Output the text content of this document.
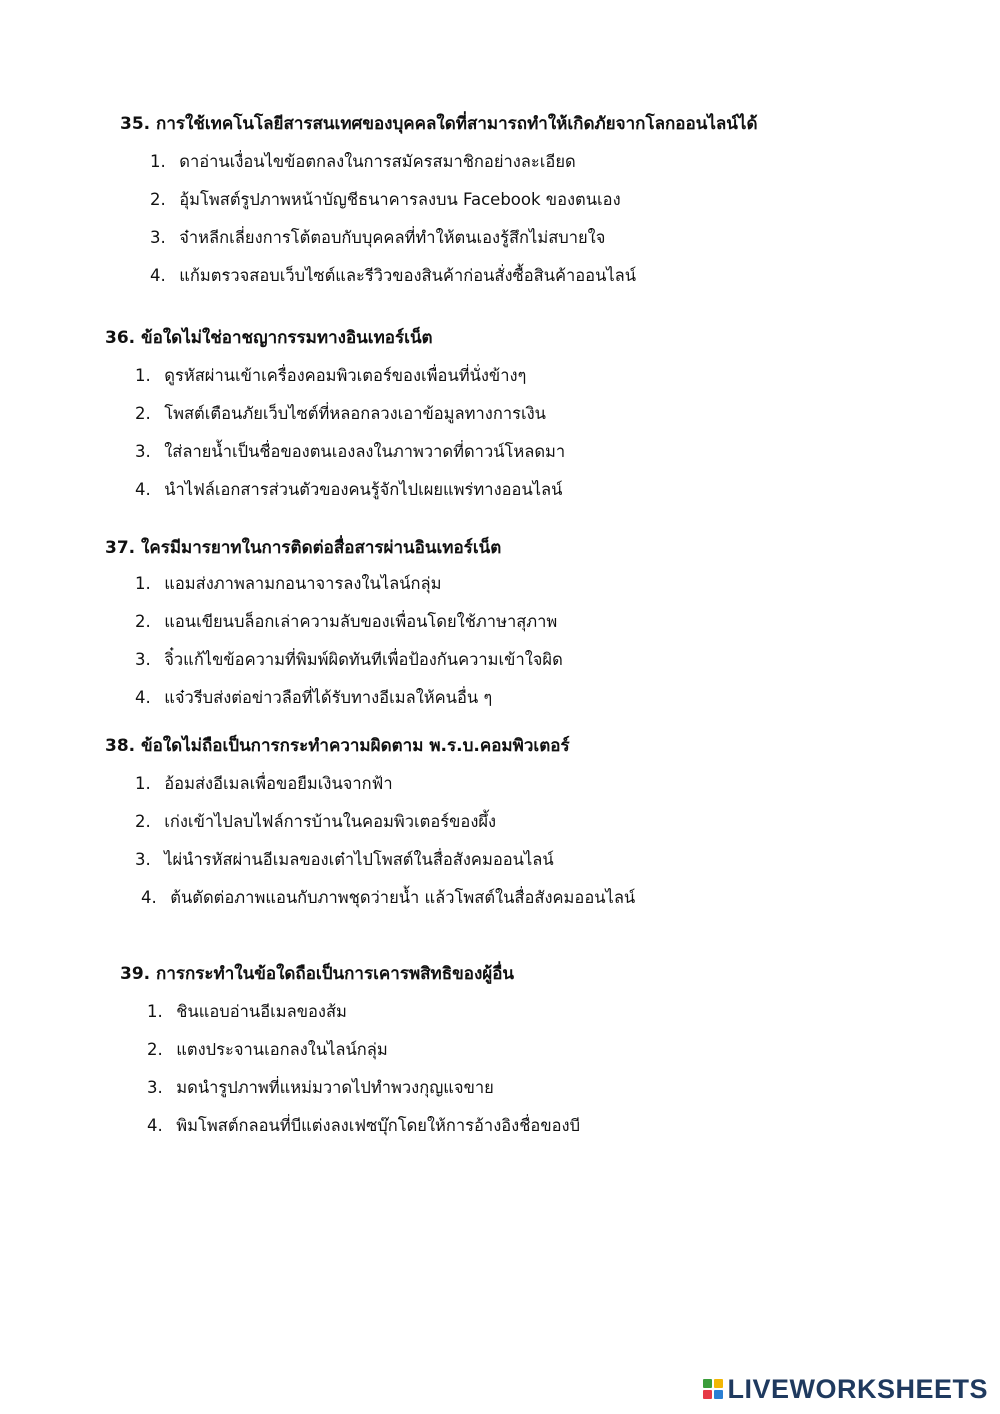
35. การใช้เทคโนโลยีสารสนเทศของบุคคลใดที่สามารถทำให้เกิดภัยจากโลกออนไลน์ได้
1. ดาอ่านเงื่อนไขข้อตกลงในการสมัครสมาชิกอย่างละเอียด
2. อุ้มโพสต์รูปภาพหน้าบัญชีธนาคารลงบน Facebook ของตนเอง
3. จ๋าหลีกเลี่ยงการโต้ตอบกับบุคคลที่ทำให้ตนเองรู้สึกไม่สบายใจ
4. แก้มตรวจสอบเว็บไซต์และรีวิวของสินค้าก่อนสั่งซื้อสินค้าออนไลน์
36. ข้อใดไม่ใช่อาชญากรรมทางอินเทอร์เน็ต
1. ดูรหัสผ่านเข้าเครื่องคอมพิวเตอร์ของเพื่อนที่นั่งข้างๆ
2. โพสต์เตือนภัยเว็บไซต์ที่หลอกลวงเอาข้อมูลทางการเงิน
3. ใส่ลายน้ำเป็นชื่อของตนเองลงในภาพวาดที่ดาวน์โหลดมา
4. นำไฟล์เอกสารส่วนตัวของคนรู้จักไปเผยแพร่ทางออนไลน์
37. ใครมีมารยาทในการติดต่อสื่อสารผ่านอินเทอร์เน็ต
1. แอมส่งภาพลามกอนาจารลงในไลน์กลุ่ม
2. แอนเขียนบล็อกเล่าความลับของเพื่อนโดยใช้ภาษาสุภาพ
3. จิ๋วแก้ไขข้อความที่พิมพ์ผิดทันทีเพื่อป้องกันความเข้าใจผิด
4. แจ๋วรีบส่งต่อข่าวลือที่ได้รับทางอีเมลให้คนอื่น ๆ
38. ข้อใดไม่ถือเป็นการกระทำความผิดตาม พ.ร.บ.คอมพิวเตอร์
1. อ้อมส่งอีเมลเพื่อขอยืมเงินจากฟ้า
2. เก่งเข้าไปลบไฟล์การบ้านในคอมพิวเตอร์ของผึ้ง
3. ไผ่นำรหัสผ่านอีเมลของเต๋าไปโพสต์ในสื่อสังคมออนไลน์
4. ต้นตัดต่อภาพแอนกับภาพชุดว่ายน้ำ แล้วโพสต์ในสื่อสังคมออนไลน์
39. การกระทำในข้อใดถือเป็นการเคารพสิทธิของผู้อื่น
1. ชินแอบอ่านอีเมลของส้ม
2. แตงประจานเอกลงในไลน์กลุ่ม
3. มดนำรูปภาพที่แหม่มวาดไปทำพวงกุญแจขาย
4. พิมโพสต์กลอนที่บีแต่งลงเฟซบุ๊กโดยให้การอ้างอิงชื่อของบี
LIVEWORKSHEETS
